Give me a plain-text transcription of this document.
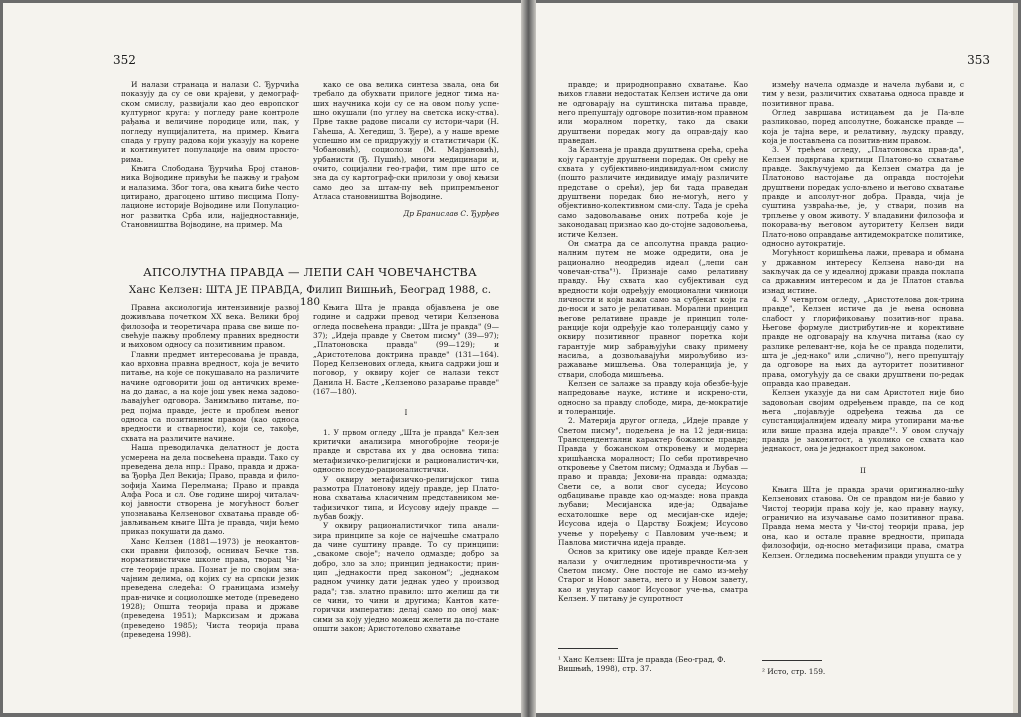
352

И налази странаца и налази С. Ђурчића показују да су се ови крајеви, у демограф-ском смислу, развијали као део европског културног круга: у погледу ране контроле рађања и величине породице или, пак, у погледу нупцијалитета, на пример. Књига спада у групу радова који указују на корене и континуитет популације на овим просто-рима.

Књига Слободана Ђурчића Број станов-ника Војводине привући ће пажњу и грађом и налазима. Због тога, ова књига биће често цитирано, драгоцено штиво писцима Попу-лационе историје Војводине или Популацио-ног развитка Срба или, најједноставније, Становништва Војводине, на пример. Ма

како се ова велика синтеза звала, она би требало да обухвати прилоге једног тима на-ших научника који су се на овом пољу успе-шно окушали (по углеу на светска иску-ства). Прве такве радове писали су истори-чари (Н. Гаћеша, А. Хегедиш, З. Ђере), а у наше време успешно им се придружују и статистичари (К. Чобановић), социолози (М. Марјановић), урбанисти (Ђ. Пушић), многи медицинари и, очито, социјални гео-графи, тим пре што се зна да су картограф-ски прилози у овој књизи само део за штам-пу већ припремљеног Атласа становништва Војводине.

Др Бранислав С. Ђурђев
АПСОЛУТНА ПРАВДА — ЛЕПИ САН ЧОВЕЧАНСТВА
Ханс Келзен: ШТА ЈЕ ПРАВДА, Филип Вишњић, Београд 1988, с. 180

Правна аксиологија интензивније развој доживљава почетком XX века. Велики број филозофа и теоретичара права све више по-свећује пажњу проблему правних вредности и њиховом односу са позитивним правом.

Главни предмет интересовања је правда, као врховна правна вредност, која је вечито питање, на које се покушавало на различите начине одговорити још од античких време-на до данас, а на које још увек нема задово-љавајућег одговора. Занимљиво питање, по-ред појма правде, јесте и проблем њеног односа са позитивним правом (као односа вредности и стварности), који се, такође, схвата на различите начине.

Наша преводилачка делатност је доста усмерена на дела посвећена правди. Тако су преведена дела нпр.: Право, правда и држа-ва Ђорђа Дел Векија; Право, правда и фило-зофија Хаима Перелмана; Право и правда Алфа Роса и сл. Ове године широј читалач-кој јавности створена је могућност бољег упознавања Келзеновог схватања правде об-јављивањем књиге Шта је правда, чији ћемо приказ покушати да дамо.

Ханс Келзен (1881—1973) је неокантов-ски правни филозоф, оснивач Бечке тзв. нормативистичке школе права, творац Чи-сте теорије права. Познат је по својим зна-чајним делима, од којих су на српски језик преведена следећа: О границама између прав-ничке и социолошке методе (преведено 1928); Општа теорија права и државе (преведена 1951); Марксизам и држава (преведено 1985); Чиста теорија права (преведена 1998).

Књига Шта је правда објављена је ове године и садржи превод четири Келзенова огледа посвећена правди: „Шта је правда" (9—37); „Идеја правде у Светом писму" (39—97); „Платоновска правда" (99—129); и „Аристотелова доктрина правде" (131—164). Поред Келзенових огледа, књига садржи још и поговор, у оквиру којег се налази текст Данила Н. Басте „Келзеново разарање правде" (167—180).

I

1. У првом огледу „Шта је правда" Кел-зен критички анализира многобројне теори-је правде и сврстава их у два основна типа: метафизичко-религијски и рационалистич-ки, односно псеудо-рационалистички.

У оквиру метафизичко-религијског типа размотра Платонову идеју правде, јер Плато-нова схватања класичним представником ме-тафизичког типа, и Исусову идеју правде — љубав божју.

У оквиру рационалистичког типа анали-зира принципе за које се најчешће сматрало да чине суштину правде. То су принципи: „свакоме своје"; начело одмазде; добро за добро, зло за зло; принцип једнакости; прин-цип „једнакости пред законом"; „једнаком радном учинку дати једнак удео у производ рада"; тзв. златно правило: што желиш да ти се чини, то чини и другима; Кантов кате-горички императив: делај само по оној мак-сими за коју уједно можеш желети да по-стане општи закон; Аристотелово схватање

353

правде; и природноправно схватање. Као њихов главни недостатак Келзен истиче да они не одговарају на суштинска питања правде, него препуштају одговоре позитив-ном правном или моралном поретку, тако да сваки друштвени поредак могу да оправ-дају као праведан.

За Келзена је правда друштвена срећа, срећа коју гарантује друштвени поредак. Он срећу не схвата у субјективно-индивидуал-ном смислу (пошто различите индивидуе имају различите представе о срећи), јер би тада праведан друштвени поредак био не-могућ, него у објективно-колективном сми-слу. Тада је срећа само задовољавање оних потреба које је законодавац признао као до-стојне задовољења, истиче Келзен.

Он сматра да се апсолутна правда рацио-налним путем не може одредити, она је рационално неодредив идеал („лепи сан човечан-ства"¹). Признаје само релативну правду. Њу схвата као субјективан суд вредности који одређују емоционални чиниоци личности и који важи само за субјекат који га до-носи и зато је релативан. Морални принцип његове релативне правде је принцип толе-ранције који одређује као толеранцију само у оквиру позитивног правног поретка који гарантује мир забрањујући сваку примену насиља, а дозвољавајући мирољубиво из-ражавање мишљења. Ова толеранција је, у ствари, слобода мишљења.

Келзен се залаже за правду која обезбе-ђује напредовање науке, истине и искрено-сти, односно за правду слободе, мира, де-мократије и толеранције.

2. Материја другог огледа, „Идеје правде у Светом писму", подељена је на 12 једи-ница: Трансцендентални карактер божанске правде; Правда у божанском откровењу и модерна хришћанска моралност; По себи противречно откровење у Светом писму; Одмазда и Љубав — право и правда; Јехови-на правда: одмазда; Свети се, а воли свог суседа; Исусово одбацивање правде као од-мазде: нова правда љубави; Месијанска иде-ја; Одвајање есхатолошке вере од месијан-ске идеје; Исусова идеја о Царству Божјем; Исусово учење у поређењу с Павловим уче-њем; и Павлова мистична идеја правде.

Основ за критику ове идеје правде Кел-зен налази у очигледним противречности-ма у Светом писму. Оне постоје не само из-међу Старог и Новог завета, него и у Новом завету, као и унутар самог Исусовог уче-ња, сматра Келзен. У питању је супротност

између начела одмазде и начела љубави и, с тим у вези, различитих схватања односа правде и позитивног права.

Оглед завршава истицањем да је Па-вле разликовао, поред апсолутне, божанске правде — која је тајна вере, и релативну, људску правду, која је постављена са позитив-ним правом.

3. У трећем огледу, „Платоновска прав-да", Келзен подвргава критици Платоно-во схватање правде. Закључујемо да Келзен сматра да је Платоново настојање да оправда постојећи друштвени поредак усло-вљено и његово схватање правде и апсолут-ног добра. Правда, чија је суштина узвраћа-ње, је, у ствари, позив на трпљење у овом животу. У владавини филозофа и покорава-њу његовом ауторитету Келзен види Плато-ново оправдање антидемократске политике, односно аутократије.

Могућност коришћења лажи, превара и обмана у државном интересу Келзена наво-ди на закључак да се у идеалној држави правда поклапа са државним интересом и да је Платон ставља изнад истине.

4. У четвртом огледу, „Аристотелова док-трина правде", Келзен истиче да је њена основна слабост у глорификовању позитив-ног права. Његове формуле дистрибутив-не и корективне правде не одговарају на кључна питања (као су разлике релевант-не, која ће се правда поделити, шта је „јед-нако" или „слично"), него препуштају да одговоре на њих да ауторитет позитивног права, омогућују да се сваки друштвени по-редак оправда као праведан.

Келзен указује да ни сам Аристотел није био задовољан својим одређењем правде, па се код њега „појављује одређена тежња да се супстанцијалнијем идеалу мира утопирани ма-ње или више празна идеја правде"². У овом случају правда је законитост, а уколико се схвата као једнакост, она је једнакост пред законом.

II

Књига Шта је правда зрачи оригинално-шћу Келзенових ставова. Он се правдом ни-је бавио у Чистој теорији права коју је, као правну науку, ограничио на изучавање само позитивног права. Правда нема места у Чи-стој теорији права, јер она, као и остале правне вредности, припада филозофији, од-носно метафизици права, сматра Келзен. Огледима посвећеним правди упушта се у

¹ Ханс Келзен: Шта је правда (Бео-град, Ф. Вишњић, 1998), стр. 37.	² Исто, стр. 159.
